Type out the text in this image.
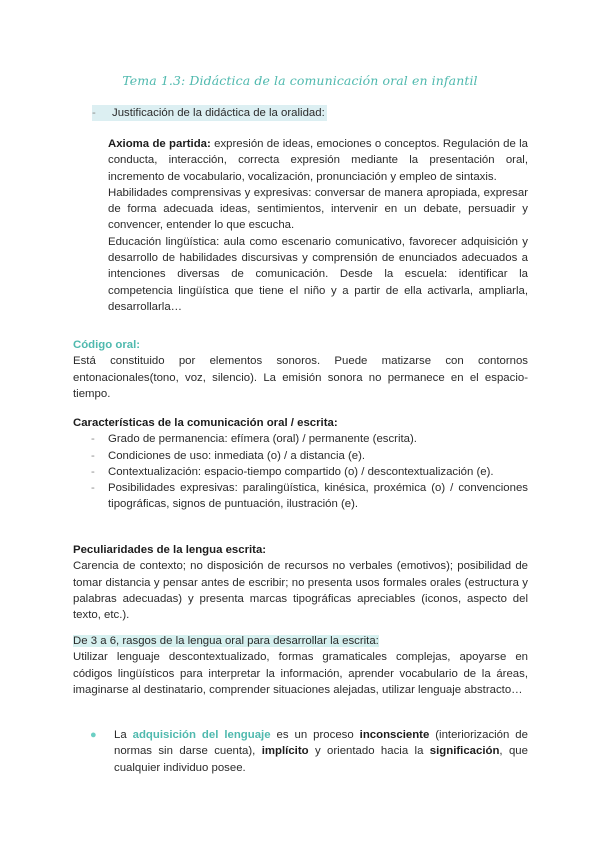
Tema 1.3: Didáctica de la comunicación oral en infantil
-	Justificación de la didáctica de la oralidad:

Axioma de partida: expresión de ideas, emociones o conceptos. Regulación de la conducta, interacción, correcta expresión mediante la presentación oral, incremento de vocabulario, vocalización, pronunciación y empleo de sintaxis.

Habilidades comprensivas y expresivas: conversar de manera apropiada, expresar de forma adecuada ideas, sentimientos, intervenir en un debate, persuadir y convencer, entender lo que escucha.

Educación lingüística: aula como escenario comunicativo, favorecer adquisición y desarrollo de habilidades discursivas y comprensión de enunciados adecuados a intenciones diversas de comunicación. Desde la escuela: identificar la competencia lingüística que tiene el niño y a partir de ella activarla, ampliarla, desarrollarla…

Código oral:

Está constituido por elementos sonoros. Puede matizarse con contornos entonacionales(tono, voz, silencio). La emisión sonora no permanece en el espacio-tiempo.

Características de la comunicación oral / escrita:

-	Grado de permanencia: efímera (oral) / permanente (escrita).
-	Condiciones de uso: inmediata (o) / a distancia (e).
-	Contextualización: espacio-tiempo compartido (o) / descontextualización (e).
-	Posibilidades expresivas: paralingüística, kinésica, proxémica (o) / convenciones tipográficas, signos de puntuación, ilustración (e).

Peculiaridades de la lengua escrita:

Carencia de contexto; no disposición de recursos no verbales (emotivos); posibilidad de tomar distancia y pensar antes de escribir; no presenta usos formales orales (estructura y palabras adecuadas) y presenta marcas tipográficas apreciables (iconos, aspecto del texto, etc.).

De 3 a 6, rasgos de la lengua oral para desarrollar la escrita:

Utilizar lenguaje descontextualizado, formas gramaticales complejas, apoyarse en códigos lingüísticos para interpretar la información, aprender vocabulario de la áreas, imaginarse al destinatario, comprender situaciones alejadas, utilizar lenguaje abstracto…

●	La adquisición del lenguaje es un proceso inconsciente (interiorización de normas sin darse cuenta), implícito y orientado hacia la significación, que cualquier individuo posee.
